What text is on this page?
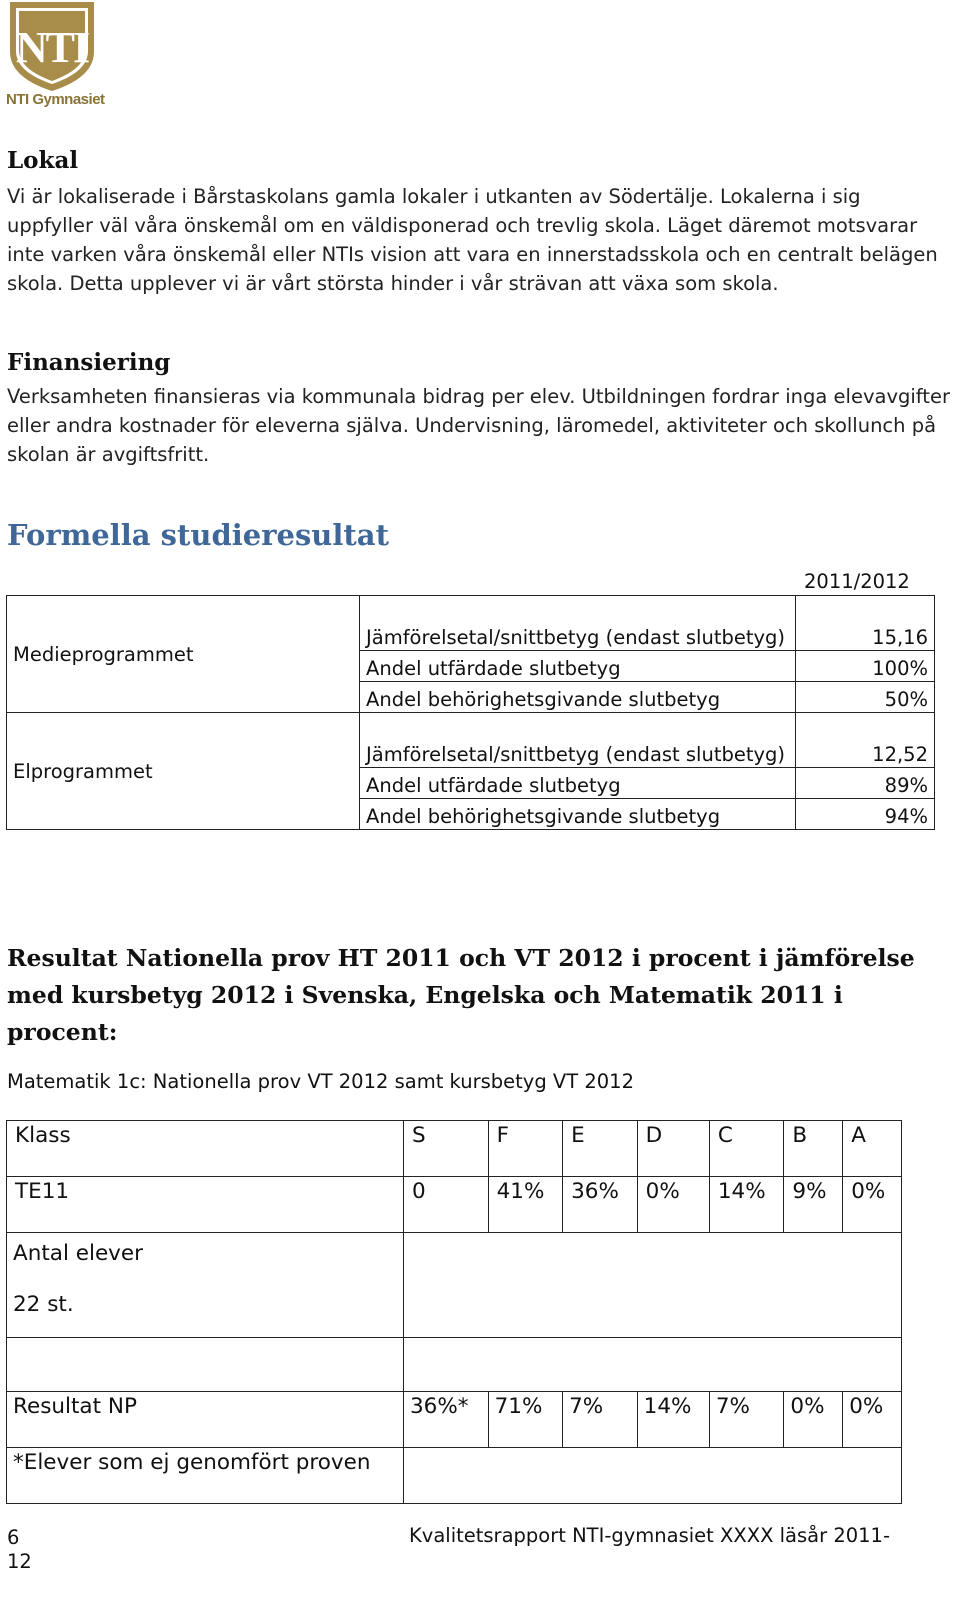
NTI
NTI Gymnasiet
Lokal

Vi är lokaliserade i Bårstaskolans gamla lokaler i utkanten av Södertälje. Lokalerna i sig uppfyller väl våra önskemål om en väldisponerad och trevlig skola. Läget däremot motsvarar inte varken våra önskemål eller NTIs vision att vara en innerstadsskola och en centralt belägen skola. Detta upplever vi är vårt största hinder i vår strävan att växa som skola.

Finansiering

Verksamheten finansieras via kommunala bidrag per elev. Utbildningen fordrar inga elevavgifter eller andra kostnader för eleverna själva. Undervisning, läromedel, aktiviteter och skollunch på skolan är avgiftsfritt.

Formella studieresultat
2011/2012
Medieprogrammet	Jämförelsetal/snittbetyg (endast slutbetyg)	15,16
	Andel utfärdade slutbetyg	100%
	Andel behörighetsgivande slutbetyg	50%
Elprogrammet	Jämförelsetal/snittbetyg (endast slutbetyg)	12,52
	Andel utfärdade slutbetyg	89%
	Andel behörighetsgivande slutbetyg	94%
Resultat Nationella prov HT 2011 och VT 2012 i procent i jämförelse med kursbetyg 2012 i Svenska, Engelska och Matematik 2011 i procent:
Matematik 1c: Nationella prov VT 2012 samt kursbetyg VT 2012
Klass	S	F	E	D	C	B	A
TE11	0	41%	36%	0%	14%	9%	0%

Antal elever
22 st.							

Resultat NP	36%*	71%	7%	14%	7%	0%	0%
*Elever som ej genomfört proven							
6 12
Kvalitetsrapport NTI-gymnasiet XXXX läsår 2011-
